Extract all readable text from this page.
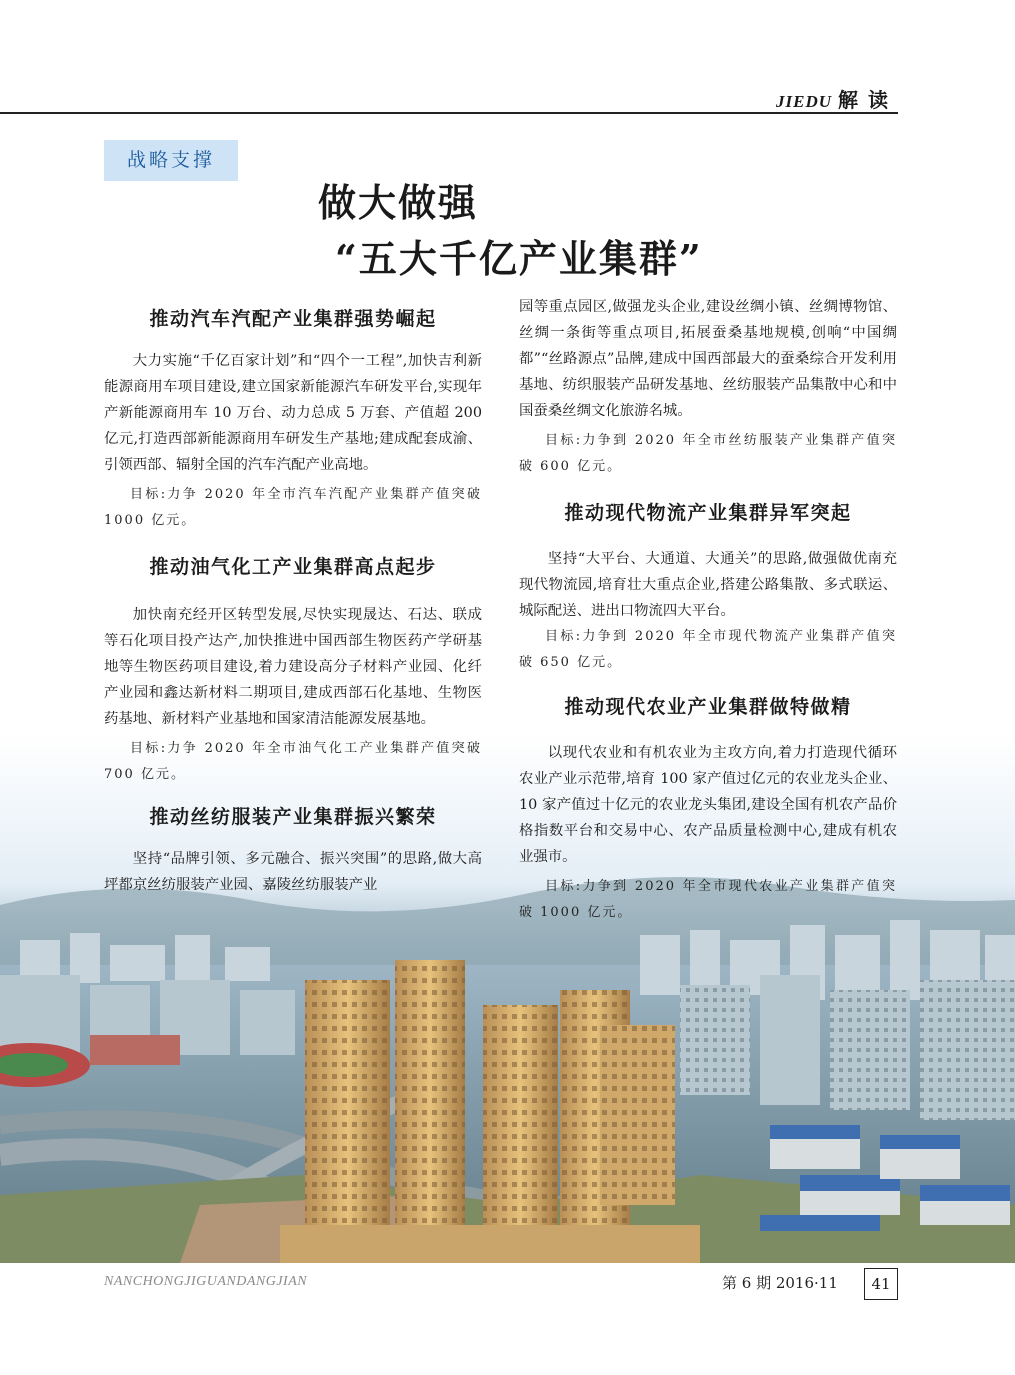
JIEDU 解读
战略支撑
做大做强
“五大千亿产业集群”
推动汽车汽配产业集群强势崛起

大力实施“千亿百家计划”和“四个一工程”,加快吉利新能源商用车项目建设,建立国家新能源汽车研发平台,实现年产新能源商用车 10 万台、动力总成 5 万套、产值超 200 亿元,打造西部新能源商用车研发生产基地;建成配套成渝、引领西部、辐射全国的汽车汽配产业高地。

目标:力争 2020 年全市汽车汽配产业集群产值突破 1000 亿元。

推动油气化工产业集群高点起步

加快南充经开区转型发展,尽快实现晟达、石达、联成等石化项目投产达产,加快推进中国西部生物医药产学研基地等生物医药项目建设,着力建设高分子材料产业园、化纤产业园和鑫达新材料二期项目,建成西部石化基地、生物医药基地、新材料产业基地和国家清洁能源发展基地。

目标:力争 2020 年全市油气化工产业集群产值突破 700 亿元。

推动丝纺服装产业集群振兴繁荣

坚持“品牌引领、多元融合、振兴突围”的思路,做大高坪都京丝纺服装产业园、嘉陵丝纺服装产业

园等重点园区,做强龙头企业,建设丝绸小镇、丝绸博物馆、丝绸一条街等重点项目,拓展蚕桑基地规模,创响“中国绸都”“丝路源点”品牌,建成中国西部最大的蚕桑综合开发利用基地、纺织服装产品研发基地、丝纺服装产品集散中心和中国蚕桑丝绸文化旅游名城。

目标:力争到 2020 年全市丝纺服装产业集群产值突破 600 亿元。

推动现代物流产业集群异军突起

坚持“大平台、大通道、大通关”的思路,做强做优南充现代物流园,培育壮大重点企业,搭建公路集散、多式联运、城际配送、进出口物流四大平台。

目标:力争到 2020 年全市现代物流产业集群产值突破 650 亿元。

推动现代农业产业集群做特做精

以现代农业和有机农业为主攻方向,着力打造现代循环农业产业示范带,培育 100 家产值过亿元的农业龙头企业、10 家产值过十亿元的农业龙头集团,建设全国有机农产品价格指数平台和交易中心、农产品质量检测中心,建成有机农业强市。

目标:力争到 2020 年全市现代农业产业集群产值突破 1000 亿元。

NANCHONGJIGUANDANGJIAN	第 6 期 2016·11	41
